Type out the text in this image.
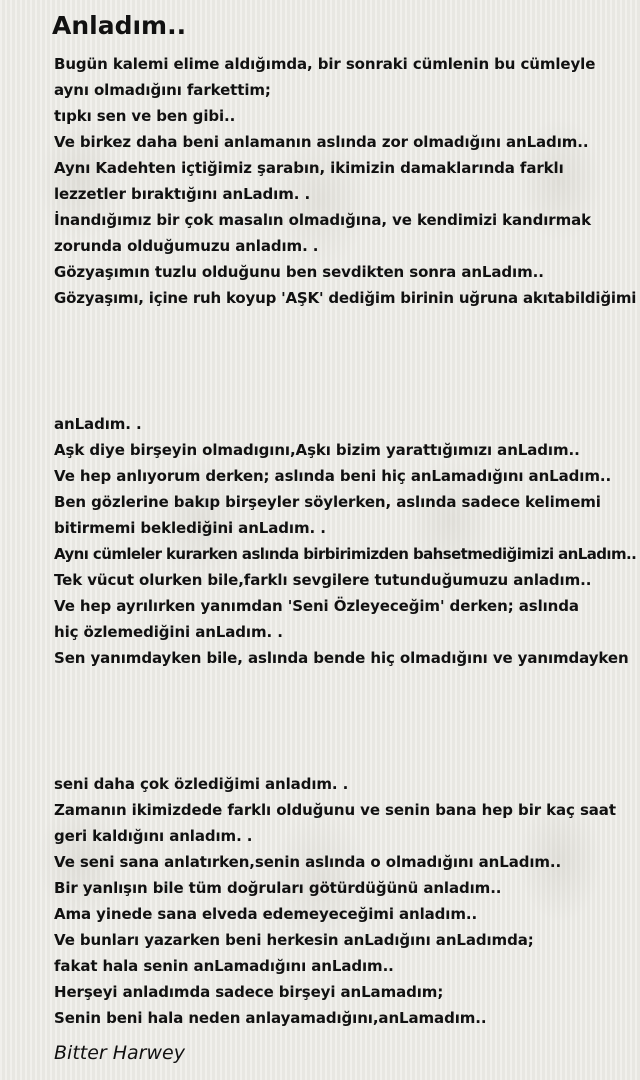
Anladım..
Bugün kalemi elime aldığımda, bir sonraki cümlenin bu cümleyle
aynı olmadığını farkettim;
tıpkı sen ve ben gibi..
Ve birkez daha beni anlamanın aslında zor olmadığını anLadım..
Aynı Kadehten içtiğimiz şarabın, ikimizin damaklarında farklı
lezzetler bıraktığını anLadım. .
İnandığımız bir çok masalın olmadığına, ve kendimizi kandırmak
zorunda olduğumuzu anladım. .
Gözyaşımın tuzlu olduğunu ben sevdikten sonra anLadım..
Gözyaşımı, içine ruh koyup 'AŞK' dediğim birinin uğruna akıtabildiğimi
anLadım. .
Aşk diye birşeyin olmadıgını,Aşkı bizim yarattığımızı anLadım..
Ve hep anlıyorum derken; aslında beni hiç anLamadığını anLadım..
Ben gözlerine bakıp birşeyler söylerken, aslında sadece kelimemi
bitirmemi beklediğini anLadım. .
Aynı cümleler kurarken aslında birbirimizden bahsetmediğimizi anLadım..
Tek vücut olurken bile,farklı sevgilere tutunduğumuzu anladım..
Ve hep ayrılırken yanımdan 'Seni Özleyeceğim' derken; aslında
hiç özlemediğini anLadım. .
Sen yanımdayken bile, aslında bende hiç olmadığını ve yanımdayken
seni daha çok özlediğimi anladım. .
Zamanın ikimizdede farklı olduğunu ve senin bana hep bir kaç saat
geri kaldığını anladım. .
Ve seni sana anlatırken,senin aslında o olmadığını anLadım..
Bir yanlışın bile tüm doğruları götürdüğünü anladım..
Ama yinede sana elveda edemeyeceğimi anladım..
Ve bunları yazarken beni herkesin anLadığını anLadımda;
fakat hala senin anLamadığını anLadım..
Herşeyi anladımda sadece birşeyi anLamadım;
Senin beni hala neden anlayamadığını,anLamadım..
Bitter Harwey
